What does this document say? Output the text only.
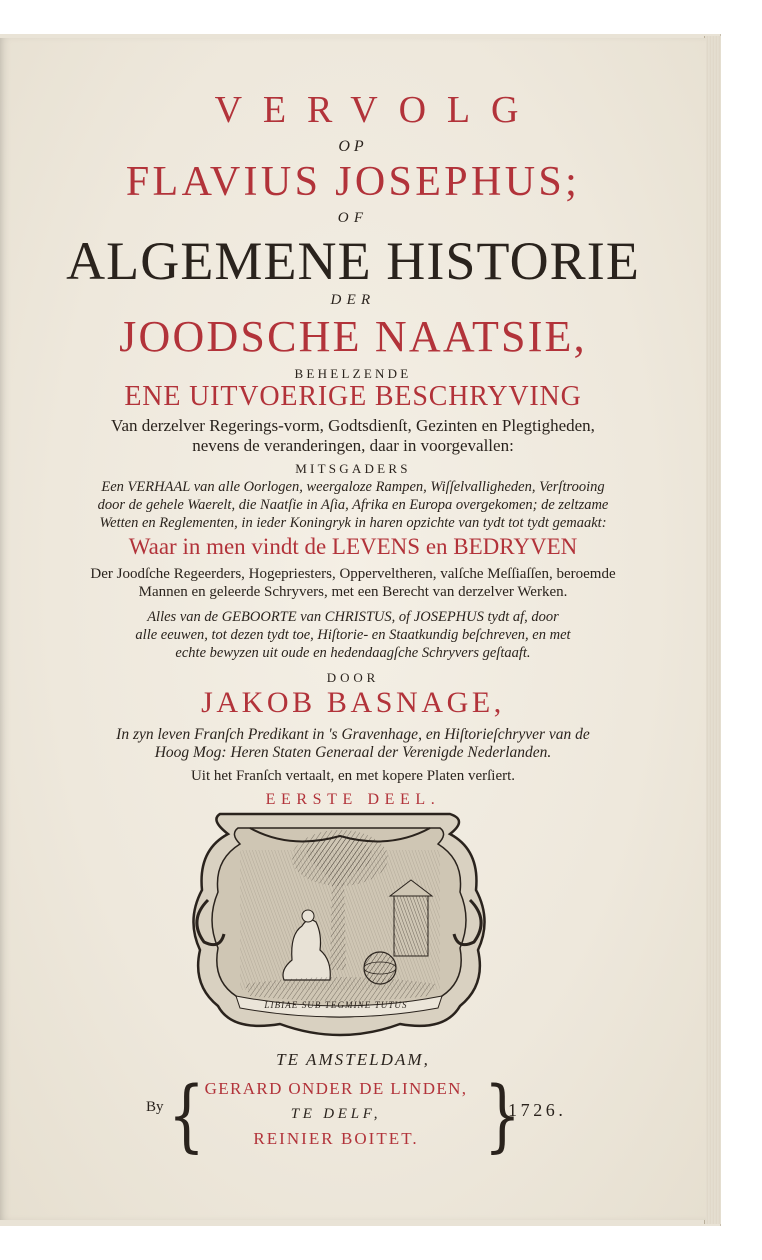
VERVOLG
OP
FLAVIUS JOSEPHUS;
OF
ALGEMENE HISTORIE
DER
JOODSCHE NAATSIE,
BEHELZENDE
ENE UITVOERIGE BESCHRYVING
Van derzelver Regerings-vorm, Godtsdienſt, Gezinten en Plegtigheden,
nevens de veranderingen, daar in voorgevallen:
MITSGADERS
Een VERHAAL van alle Oorlogen, weergaloze Rampen, Wiſſelvalligheden, Verſtrooing
door de gehele Waerelt, die Naatſie in Aſia, Afrika en Europa overgekomen; de zeltzame
Wetten en Reglementen, in ieder Koningryk in haren opzichte van tydt tot tydt gemaakt:
Waar in men vindt de LEVENS en BEDRYVEN
Der Joodſche Regeerders, Hogepriesters, Opperveltheren, valſche Meſſiaſſen, beroemde
Mannen en geleerde Schryvers, met een Berecht van derzelver Werken.
Alles van de GEBOORTE van CHRISTUS, of JOSEPHUS tydt af, door
alle eeuwen, tot dezen tydt toe, Hiſtorie- en Staatkundig beſchreven, en met
echte bewyzen uit oude en hedendaagſche Schryvers geſtaaft.
DOOR
JAKOB BASNAGE,
In zyn leven Franſch Predikant in 's Gravenhage, en Hiſtorieſchryver van de
Hoog Mog: Heren Staten Generaal der Verenigde Nederlanden.
Uit het Franſch vertaalt, en met kopere Platen verſiert.
EERSTE DEEL.
LIBIAE SUB TEGMINE TUTUS
TE AMSTELDAM,
By { GERARD ONDER DE LINDEN,
TE DELF,
REINIER BOITET.	}
1726.
